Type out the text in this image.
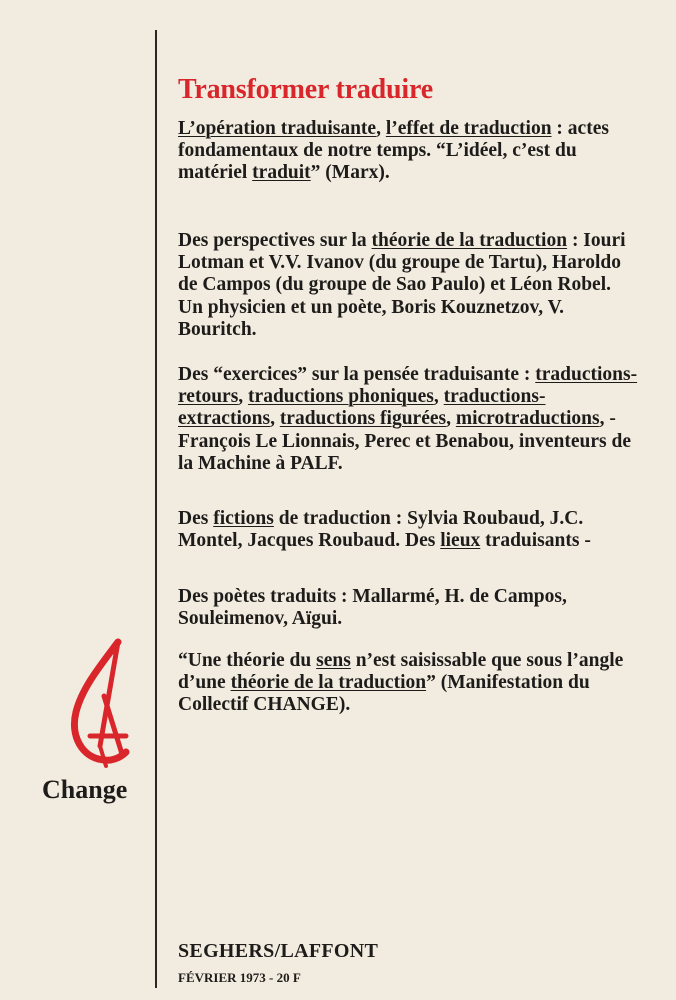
Transformer traduire

L’opération traduisante, l’effet de traduction : actes fondamentaux de notre temps. “L’idéel, c’est du matériel traduit” (Marx).

Des perspectives sur la théorie de la traduction : Iouri Lotman et V.V. Ivanov (du groupe de Tartu), Haroldo de Campos (du groupe de Sao Paulo) et Léon Robel. Un physicien et un poète, Boris Kouznetzov, V. Bouritch.

Des “exercices” sur la pensée traduisante : traductions-retours, traductions phoniques, traductions-extractions, traductions figurées, microtraductions, - François Le Lionnais, Perec et Benabou, inventeurs de la Machine à PALF.

Des fictions de traduction : Sylvia Roubaud, J.C. Montel, Jacques Roubaud. Des lieux traduisants -

Des poètes traduits : Mallarmé, H. de Campos, Souleimenov, Aïgui.

“Une théorie du sens n’est saisissable que sous l’angle d’une théorie de la traduction” (Manifestation du Collectif CHANGE).

Change
SEGHERS/LAFFONT
FÉVRIER 1973 - 20 F
